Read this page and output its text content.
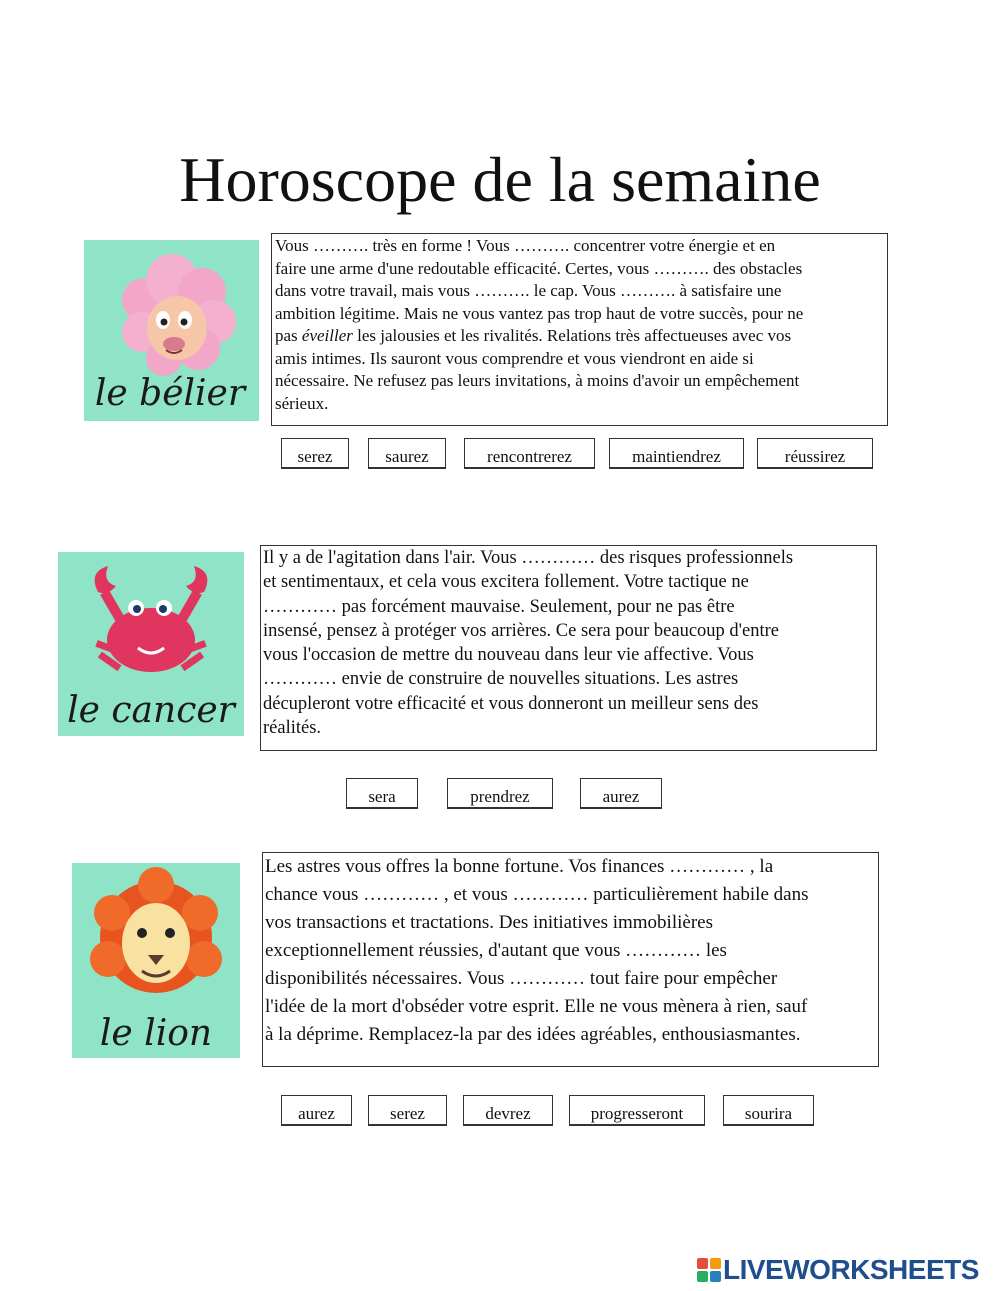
Horoscope de la semaine
le bélier

Vous ………. très en forme ! Vous ………. concentrer votre énergie et en
faire une arme d'une redoutable efficacité. Certes, vous ………. des obstacles
dans votre travail, mais vous ………. le cap. Vous ………. à satisfaire une
ambition légitime. Mais ne vous vantez pas trop haut de votre succès, pour ne
pas éveiller les jalousies et les rivalités. Relations très affectueuses avec vos
amis intimes. Ils sauront vous comprendre et vous viendront en aide si
nécessaire. Ne refusez pas leurs invitations, à moins d'avoir un empêchement
sérieux.

serez	saurez	rencontrerez	maintiendrez	réussirez
le cancer

Il y a de l'agitation dans l'air. Vous ………… des risques professionnels
et sentimentaux, et cela vous excitera follement. Votre tactique ne
………… pas forcément mauvaise. Seulement, pour ne pas être
insensé, pensez à protéger vos arrières. Ce sera pour beaucoup d'entre
vous l'occasion de mettre du nouveau dans leur vie affective. Vous
………… envie de construire de nouvelles situations. Les astres
décupleront votre efficacité et vous donneront un meilleur sens des
réalités.

sera	prendrez	aurez
le lion

Les astres vous offres la bonne fortune. Vos finances ………… , la
chance vous ………… , et vous ………… particulièrement habile dans
vos transactions et tractations. Des initiatives immobilières
exceptionnellement réussies, d'autant que vous ………… les
disponibilités nécessaires. Vous ………… tout faire pour empêcher
l'idée de la mort d'obséder votre esprit. Elle ne vous mènera à rien, sauf
à la déprime. Remplacez-la par des idées agréables, enthousiasmantes.

aurez	serez	devrez	progresseront	sourira
LIVEWORKSHEETS
